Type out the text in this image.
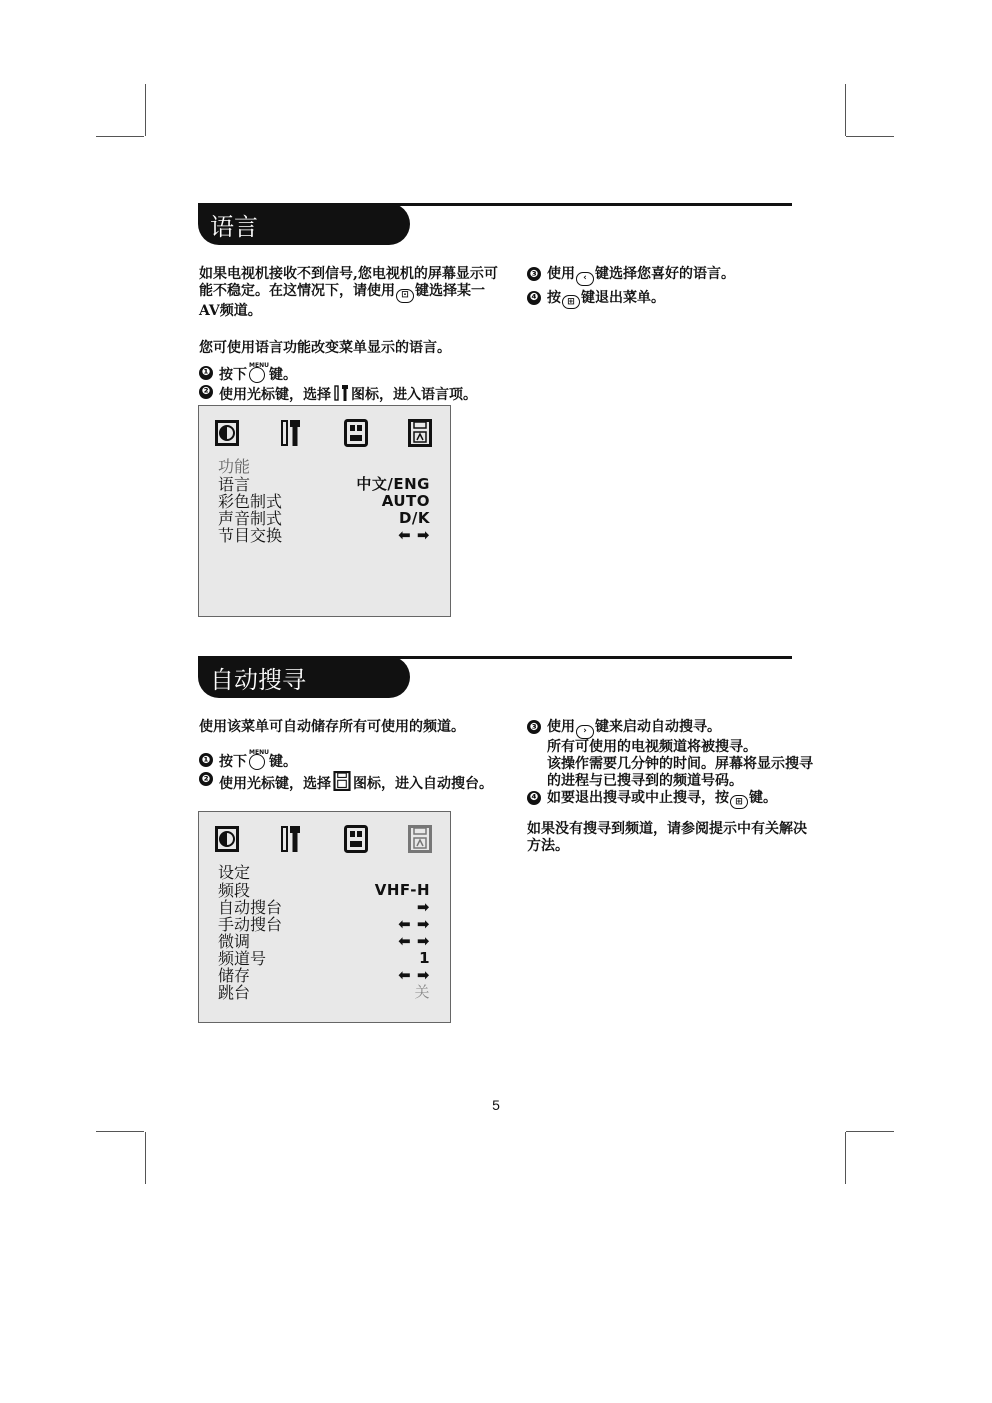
语言

如果电视机接收不到信号,您电视机的屏幕显示可能不稳定。在这情况下，请使用 ⊡ 键选择某一AV频道。

您可使用语言功能改变菜单显示的语言。

❶ 按下
MENU
键。
❷ 使用光标键，选择 图标，进入语言项。
❸ 使用 ‹ 键选择您喜好的语言。
❹ 按 ⊞ 键退出菜单。
功能
语言	中文/ENG
彩色制式	AUTO
声音制式	D/K
节目交换	⬅ ➡
自动搜寻

使用该菜单可自动储存所有可使用的频道。

❶ 按下
MENU
键。
❷ 使用光标键，选择 图标，进入自动搜台。
❸ 使用 › 键来启动自动搜寻。
所有可使用的电视频道将被搜寻。
该操作需要几分钟的时间。屏幕将显示搜寻的进程与已搜寻到的频道号码。
❹ 如要退出搜寻或中止搜寻，按 ⊞ 键。

如果没有搜寻到频道，请参阅提示中有关解决方法。

设定
频段	VHF-H
自动搜台	➡
手动搜台	⬅ ➡
微调	⬅ ➡
频道号	1
储存	⬅ ➡
跳台	关
5
